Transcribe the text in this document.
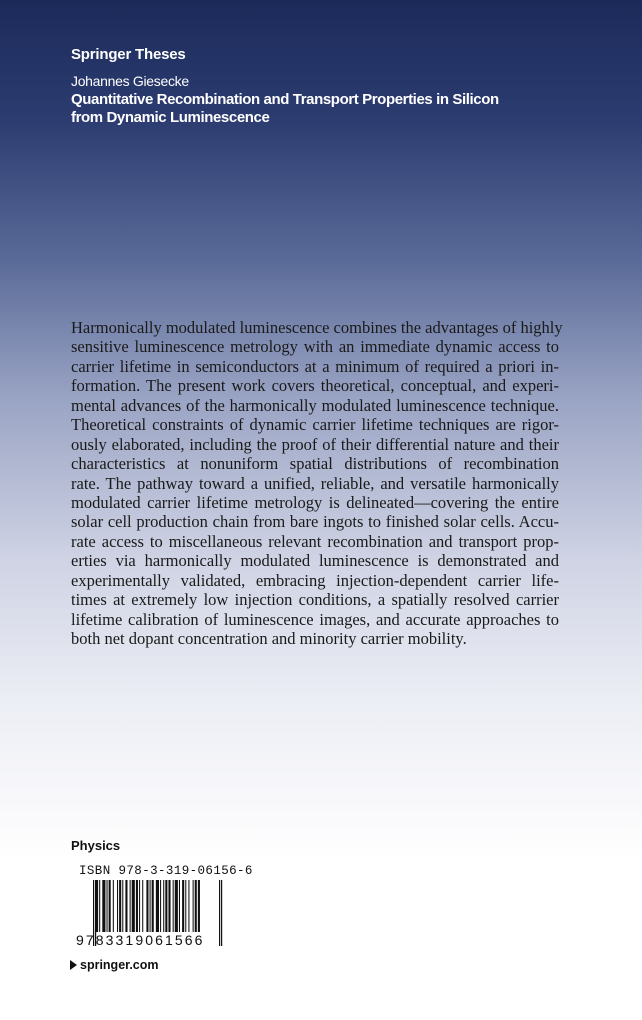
Springer Theses
Johannes Giesecke
Quantitative Recombination and Transport Properties in Silicon
from Dynamic Luminescence
Harmonically modulated luminescence combines the advantages of highly
sensitive luminescence metrology with an immediate dynamic access to
carrier lifetime in semiconductors at a minimum of required a priori in-
formation. The present work covers theoretical, conceptual, and experi-
mental advances of the harmonically modulated luminescence technique.
Theoretical constraints of dynamic carrier lifetime techniques are rigor-
ously elaborated, including the proof of their differential nature and their
characteristics at nonuniform spatial distributions of recombination
rate. The pathway toward a unified, reliable, and versatile harmonically
modulated carrier lifetime metrology is delineated—covering the entire
solar cell production chain from bare ingots to finished solar cells. Accu-
rate access to miscellaneous relevant recombination and transport prop-
erties via harmonically modulated luminescence is demonstrated and
experimentally validated, embracing injection-dependent carrier life-
times at extremely low injection conditions, a spatially resolved carrier
lifetime calibration of luminescence images, and accurate approaches to
both net dopant concentration and minority carrier mobility.
Physics
ISBN 978-3-319-06156-6
9783319061566
springer.com
